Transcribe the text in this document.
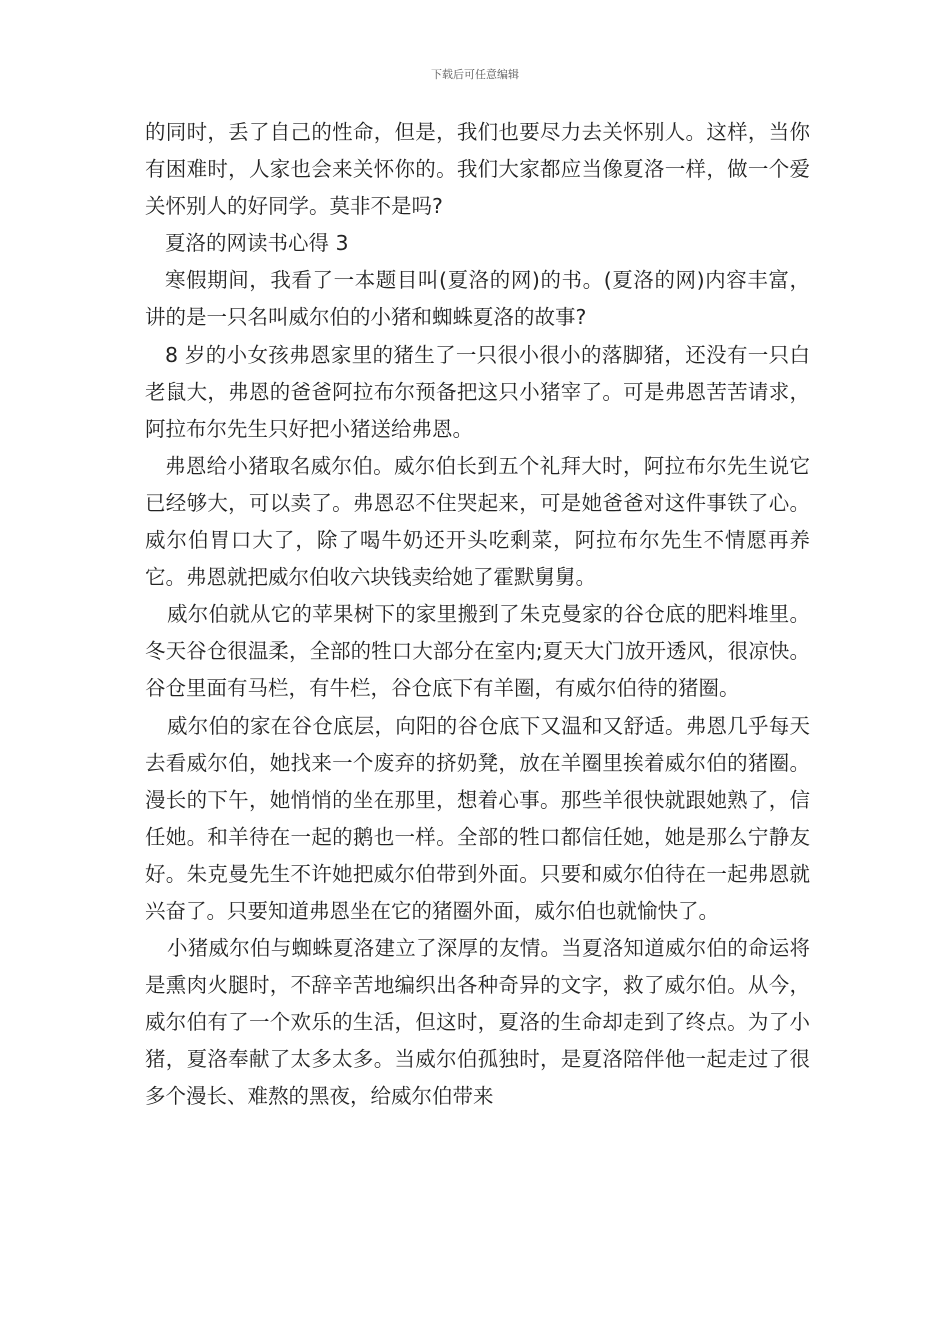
下载后可任意编辑

的同时，丢了自己的性命，但是，我们也要尽力去关怀别人。这样，当你有困难时，人家也会来关怀你的。我们大家都应当像夏洛一样，做一个爱关怀别人的好同学。莫非不是吗?

夏洛的网读书心得 3

寒假期间，我看了一本题目叫(夏洛的网)的书。(夏洛的网)内容丰富，讲的是一只名叫威尔伯的小猪和蜘蛛夏洛的故事?

8 岁的小女孩弗恩家里的猪生了一只很小很小的落脚猪，还没有一只白老鼠大，弗恩的爸爸阿拉布尔预备把这只小猪宰了。可是弗恩苦苦请求，阿拉布尔先生只好把小猪送给弗恩。

弗恩给小猪取名威尔伯。威尔伯长到五个礼拜大时，阿拉布尔先生说它已经够大，可以卖了。弗恩忍不住哭起来，可是她爸爸对这件事铁了心。威尔伯胃口大了，除了喝牛奶还开头吃剩菜，阿拉布尔先生不情愿再养它。弗恩就把威尔伯收六块钱卖给她了霍默舅舅。

威尔伯就从它的苹果树下的家里搬到了朱克曼家的谷仓底的肥料堆里。冬天谷仓很温柔，全部的牲口大部分在室内;夏天大门放开透风，很凉快。谷仓里面有马栏，有牛栏，谷仓底下有羊圈，有威尔伯待的猪圈。

威尔伯的家在谷仓底层，向阳的谷仓底下又温和又舒适。弗恩几乎每天去看威尔伯，她找来一个废弃的挤奶凳，放在羊圈里挨着威尔伯的猪圈。漫长的下午，她悄悄的坐在那里，想着心事。那些羊很快就跟她熟了，信任她。和羊待在一起的鹅也一样。全部的牲口都信任她，她是那么宁静友好。朱克曼先生不许她把威尔伯带到外面。只要和威尔伯待在一起弗恩就兴奋了。只要知道弗恩坐在它的猪圈外面，威尔伯也就愉快了。

小猪威尔伯与蜘蛛夏洛建立了深厚的友情。当夏洛知道威尔伯的命运将是熏肉火腿时，不辞辛苦地编织出各种奇异的文字，救了威尔伯。从今，威尔伯有了一个欢乐的生活，但这时，夏洛的生命却走到了终点。为了小猪，夏洛奉献了太多太多。当威尔伯孤独时，是夏洛陪伴他一起走过了很多个漫长、难熬的黑夜，给威尔伯带来
